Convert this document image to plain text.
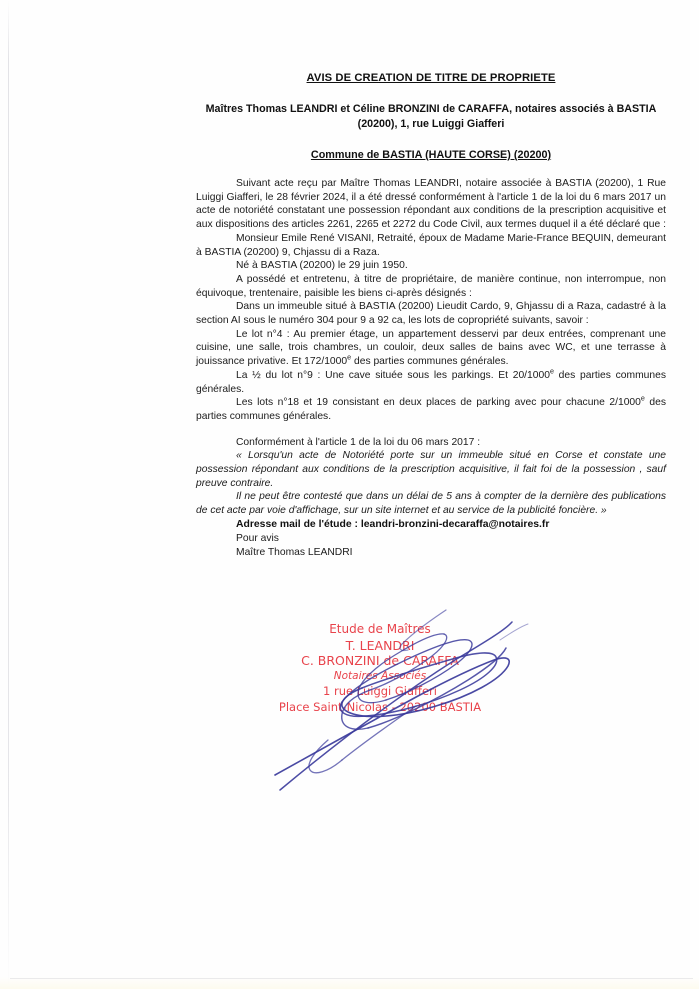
AVIS DE CREATION DE TITRE DE PROPRIETE
Maîtres Thomas LEANDRI et Céline BRONZINI de CARAFFA, notaires associés à BASTIA (20200), 1, rue Luiggi Giafferi
Commune de BASTIA (HAUTE CORSE) (20200)

Suivant acte reçu par Maître Thomas LEANDRI, notaire associée à BASTIA (20200), 1 Rue Luiggi Giafferi, le 28 février 2024, il a été dressé conformément à l'article 1 de la loi du 6 mars 2017 un acte de notoriété constatant une possession répondant aux conditions de la prescription acquisitive et aux dispositions des articles 2261, 2265 et 2272 du Code Civil, aux termes duquel il a été déclaré que :

Monsieur Emile René VISANI, Retraité, époux de Madame Marie-France BEQUIN, demeurant à BASTIA (20200) 9, Chjassu di a Raza.

Né à BASTIA (20200) le 29 juin 1950.

A possédé et entretenu, à titre de propriétaire, de manière continue, non interrompue, non équivoque, trentenaire, paisible les biens ci-après désignés :

Dans un immeuble situé à BASTIA (20200) Lieudit Cardo, 9, Ghjassu di a Raza, cadastré à la section AI sous le numéro 304 pour 9 a 92 ca, les lots de copropriété suivants, savoir :

Le lot n°4 : Au premier étage, un appartement desservi par deux entrées, comprenant une cuisine, une salle, trois chambres, un couloir, deux salles de bains avec WC, et une terrasse à jouissance privative. Et 172/1000e des parties communes générales.

La ½ du lot n°9 : Une cave située sous les parkings. Et 20/1000e des parties communes générales.

Les lots n°18 et 19 consistant en deux places de parking avec pour chacune 2/1000e des parties communes générales.

Conformément à l'article 1 de la loi du 06 mars 2017 :

« Lorsqu'un acte de Notoriété porte sur un immeuble situé en Corse et constate une possession répondant aux conditions de la prescription acquisitive, il fait foi de la possession , sauf preuve contraire.

Il ne peut être contesté que dans un délai de 5 ans à compter de la dernière des publications de cet acte par voie d'affichage, sur un site internet et au service de la publicité foncière. »

Adresse mail de l'étude : leandri-bronzini-decaraffa@notaires.fr

Pour avis

Maître Thomas LEANDRI

Etude de Maîtres
T. LEANDRI
C. BRONZINI de CARAFFA
Notaires Associés
1 rue Luiggi Giafferi
Place Saint-Nicolas - 20200 BASTIA
